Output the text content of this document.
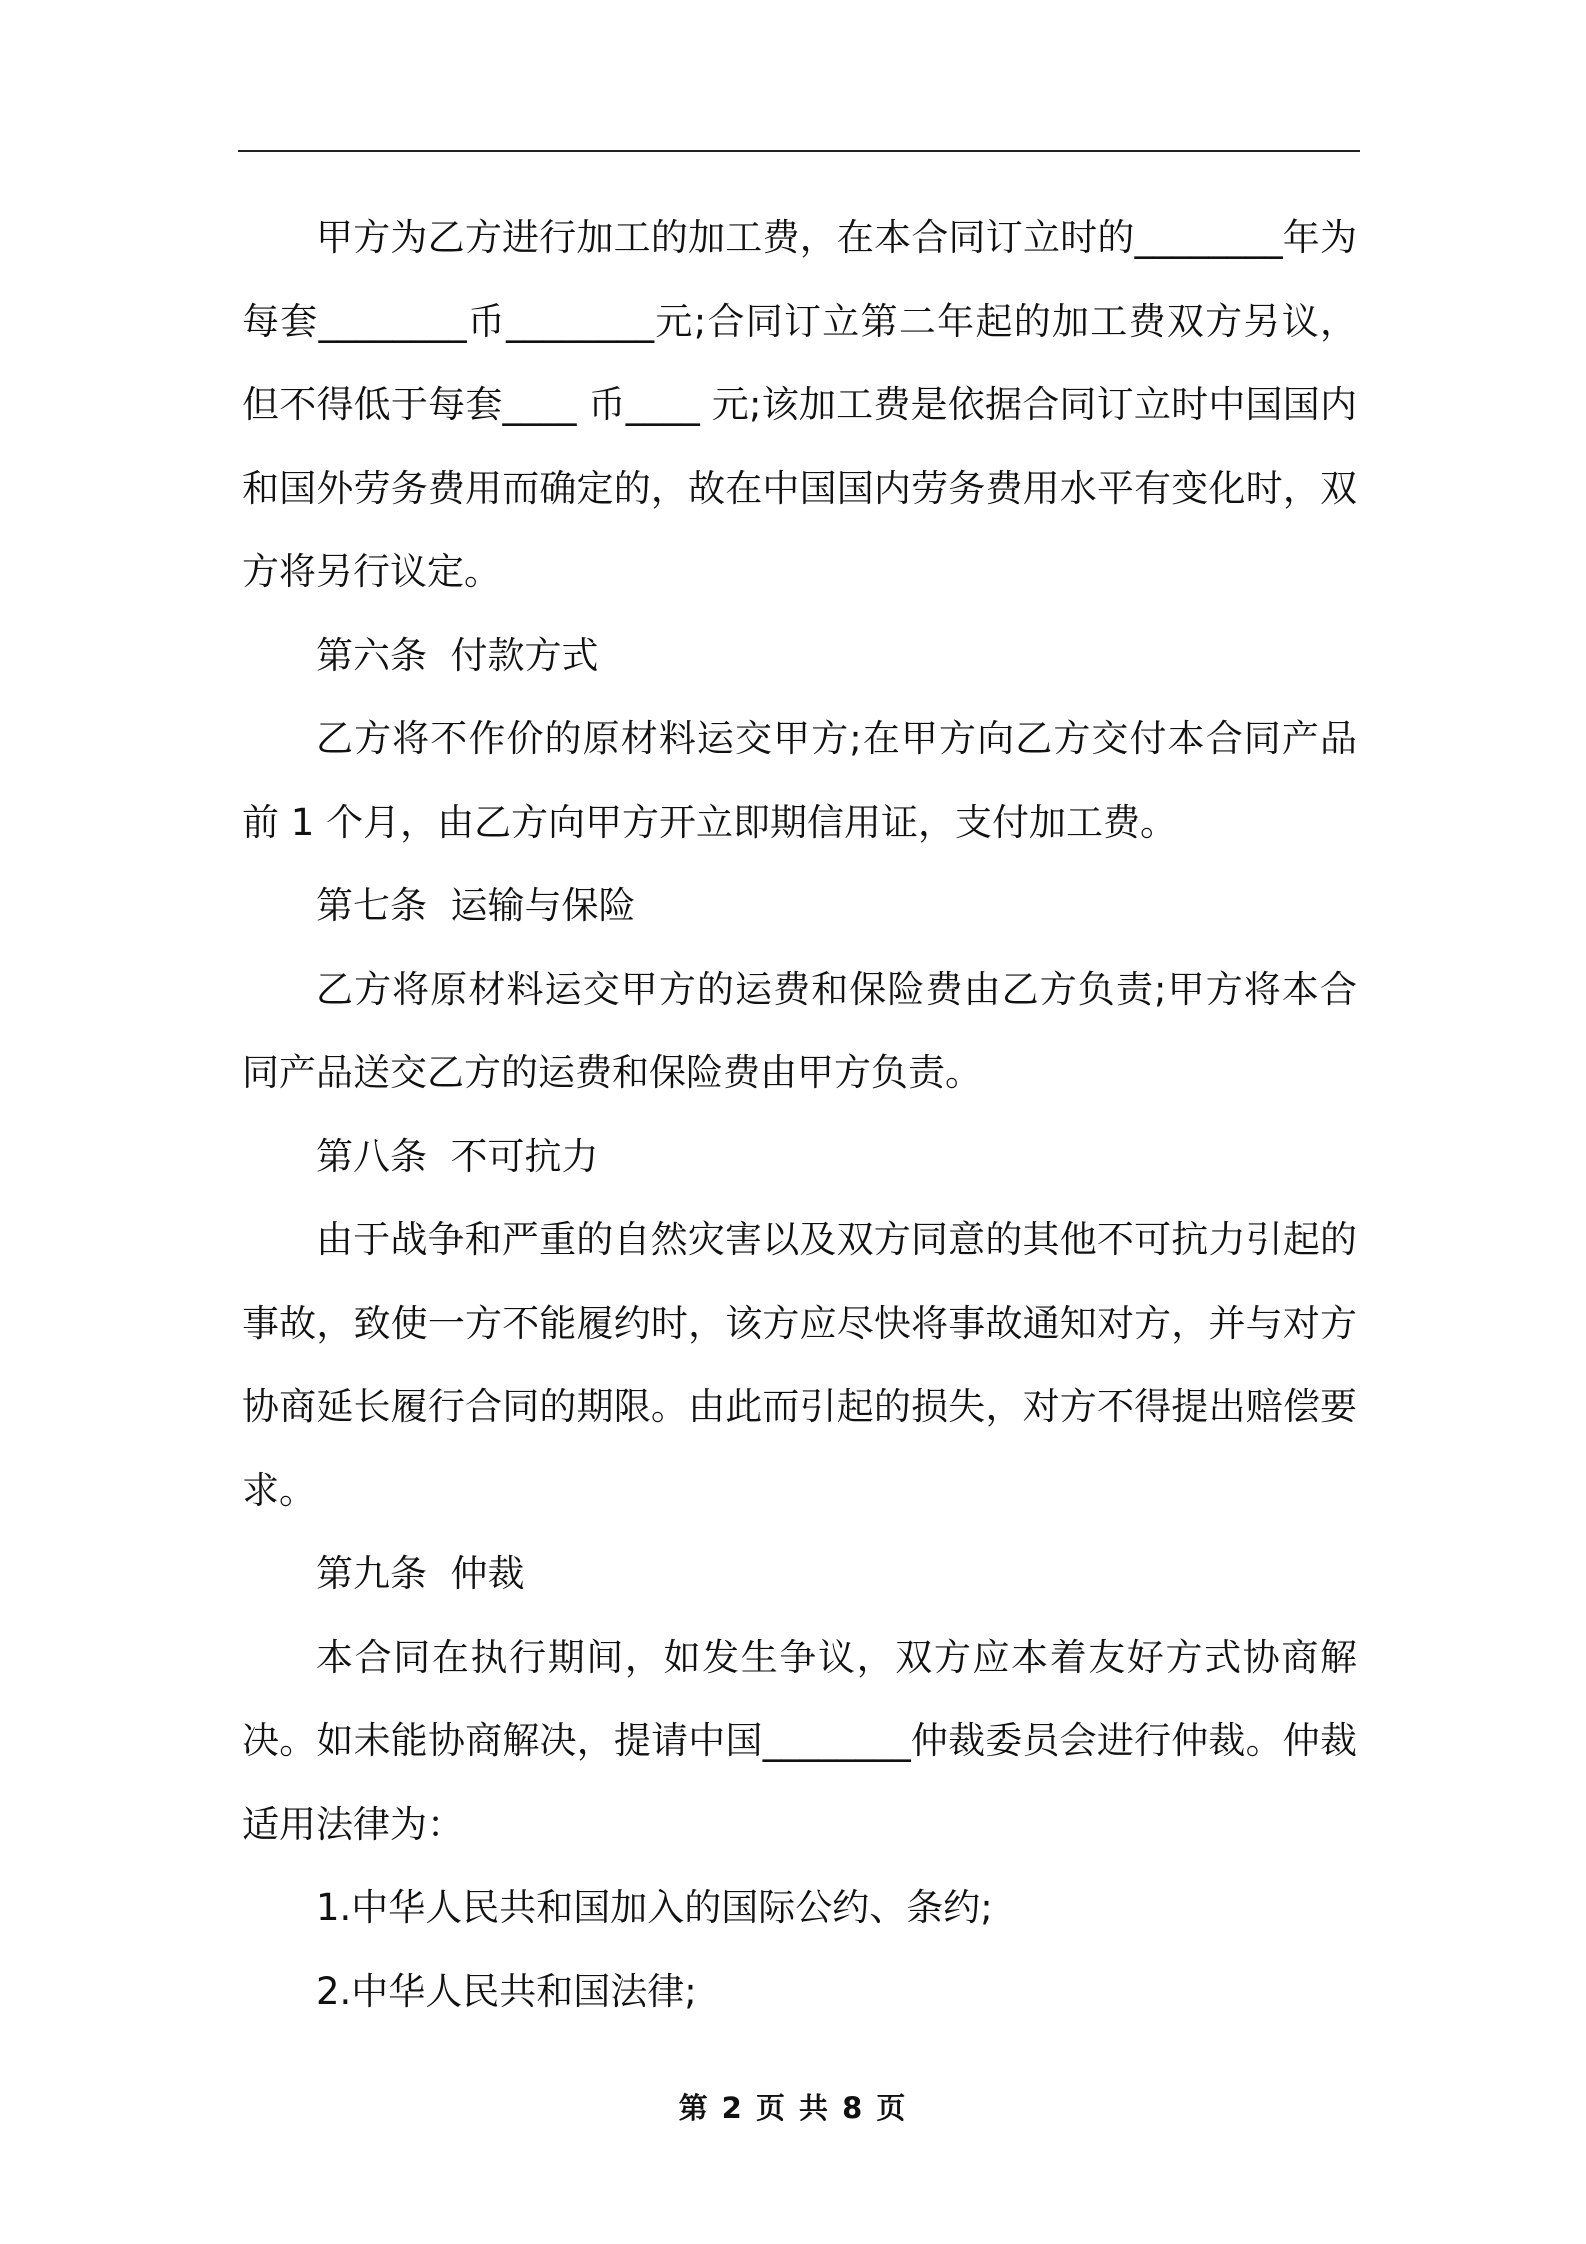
甲方为乙方进行加工的加工费，在本合同订立时的________年为每套________币________元;合同订立第二年起的加工费双方另议，但不得低于每套____ 币____ 元;该加工费是依据合同订立时中国国内和国外劳务费用而确定的，故在中国国内劳务费用水平有变化时，双方将另行议定。

第六条  付款方式

乙方将不作价的原材料运交甲方;在甲方向乙方交付本合同产品前 1 个月，由乙方向甲方开立即期信用证，支付加工费。

第七条  运输与保险

乙方将原材料运交甲方的运费和保险费由乙方负责;甲方将本合同产品送交乙方的运费和保险费由甲方负责。

第八条  不可抗力

由于战争和严重的自然灾害以及双方同意的其他不可抗力引起的事故，致使一方不能履约时，该方应尽快将事故通知对方，并与对方协商延长履行合同的期限。由此而引起的损失，对方不得提出赔偿要求。

第九条  仲裁

本合同在执行期间，如发生争议，双方应本着友好方式协商解决。如未能协商解决，提请中国________仲裁委员会进行仲裁。仲裁适用法律为：

1.中华人民共和国加入的国际公约、条约;

2.中华人民共和国法律;

第 2 页 共 8 页
